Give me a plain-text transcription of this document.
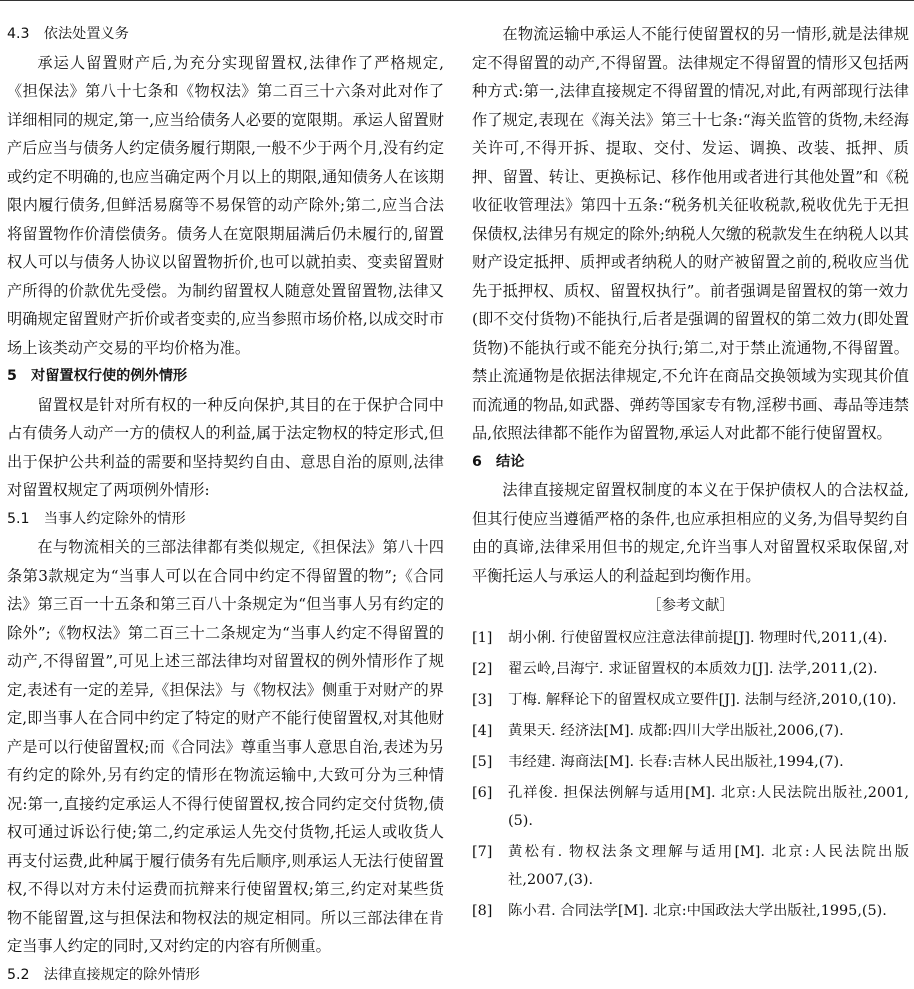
4.3　依法处置义务

承运人留置财产后,为充分实现留置权,法律作了严格规定,《担保法》第八十七条和《物权法》第二百三十六条对此对作了详细相同的规定,第一,应当给债务人必要的宽限期。承运人留置财产后应当与债务人约定债务履行期限,一般不少于两个月,没有约定或约定不明确的,也应当确定两个月以上的期限,通知债务人在该期限内履行债务,但鲜活易腐等不易保管的动产除外;第二,应当合法将留置物作价清偿债务。债务人在宽限期届满后仍未履行的,留置权人可以与债务人协议以留置物折价,也可以就拍卖、变卖留置财产所得的价款优先受偿。为制约留置权人随意处置留置物,法律又明确规定留置财产折价或者变卖的,应当参照市场价格,以成交时市场上该类动产交易的平均价格为准。

5　对留置权行使的例外情形

留置权是针对所有权的一种反向保护,其目的在于保护合同中占有债务人动产一方的债权人的利益,属于法定物权的特定形式,但出于保护公共利益的需要和坚持契约自由、意思自治的原则,法律对留置权规定了两项例外情形:

5.1　当事人约定除外的情形

在与物流相关的三部法律都有类似规定,《担保法》第八十四条第3款规定为“当事人可以在合同中约定不得留置的物”;《合同法》第三百一十五条和第三百八十条规定为“但当事人另有约定的除外”;《物权法》第二百三十二条规定为“当事人约定不得留置的动产,不得留置”,可见上述三部法律均对留置权的例外情形作了规定,表述有一定的差异,《担保法》与《物权法》侧重于对财产的界定,即当事人在合同中约定了特定的财产不能行使留置权,对其他财产是可以行使留置权;而《合同法》尊重当事人意思自治,表述为另有约定的除外,另有约定的情形在物流运输中,大致可分为三种情况:第一,直接约定承运人不得行使留置权,按合同约定交付货物,债权可通过诉讼行使;第二,约定承运人先交付货物,托运人或收货人再支付运费,此种属于履行债务有先后顺序,则承运人无法行使留置权,不得以对方未付运费而抗辩来行使留置权;第三,约定对某些货物不能留置,这与担保法和物权法的规定相同。所以三部法律在肯定当事人约定的同时,又对约定的内容有所侧重。

5.2　法律直接规定的除外情形

在物流运输中承运人不能行使留置权的另一情形,就是法律规定不得留置的动产,不得留置。法律规定不得留置的情形又包括两种方式:第一,法律直接规定不得留置的情况,对此,有两部现行法律作了规定,表现在《海关法》第三十七条:“海关监管的货物,未经海关许可,不得开拆、提取、交付、发运、调换、改装、抵押、质押、留置、转让、更换标记、移作他用或者进行其他处置”和《税收征收管理法》第四十五条:“税务机关征收税款,税收优先于无担保债权,法律另有规定的除外;纳税人欠缴的税款发生在纳税人以其财产设定抵押、质押或者纳税人的财产被留置之前的,税收应当优先于抵押权、质权、留置权执行”。前者强调是留置权的第一效力(即不交付货物)不能执行,后者是强调的留置权的第二效力(即处置货物)不能执行或不能充分执行;第二,对于禁止流通物,不得留置。禁止流通物是依据法律规定,不允许在商品交换领域为实现其价值而流通的物品,如武器、弹药等国家专有物,淫秽书画、毒品等违禁品,依照法律都不能作为留置物,承运人对此都不能行使留置权。

6　结论

法律直接规定留置权制度的本义在于保护债权人的合法权益,但其行使应当遵循严格的条件,也应承担相应的义务,为倡导契约自由的真谛,法律采用但书的规定,允许当事人对留置权采取保留,对平衡托运人与承运人的利益起到均衡作用。

［参考文献］
[1] 胡小俐. 行使留置权应注意法律前提[J]. 物理时代,2011,(4).
[2] 翟云岭,吕海宁. 求证留置权的本质效力[J]. 法学,2011,(2).
[3] 丁梅. 解释论下的留置权成立要件[J]. 法制与经济,2010,(10).
[4] 黄果天. 经济法[M]. 成都:四川大学出版社,2006,(7).
[5] 韦经建. 海商法[M]. 长春:吉林人民出版社,1994,(7).
[6] 孔祥俊. 担保法例解与适用[M]. 北京:人民法院出版社,2001,(5).
[7] 黄松有. 物权法条文理解与适用[M]. 北京:人民法院出版社,2007,(3).
[8] 陈小君. 合同法学[M]. 北京:中国政法大学出版社,1995,(5).
